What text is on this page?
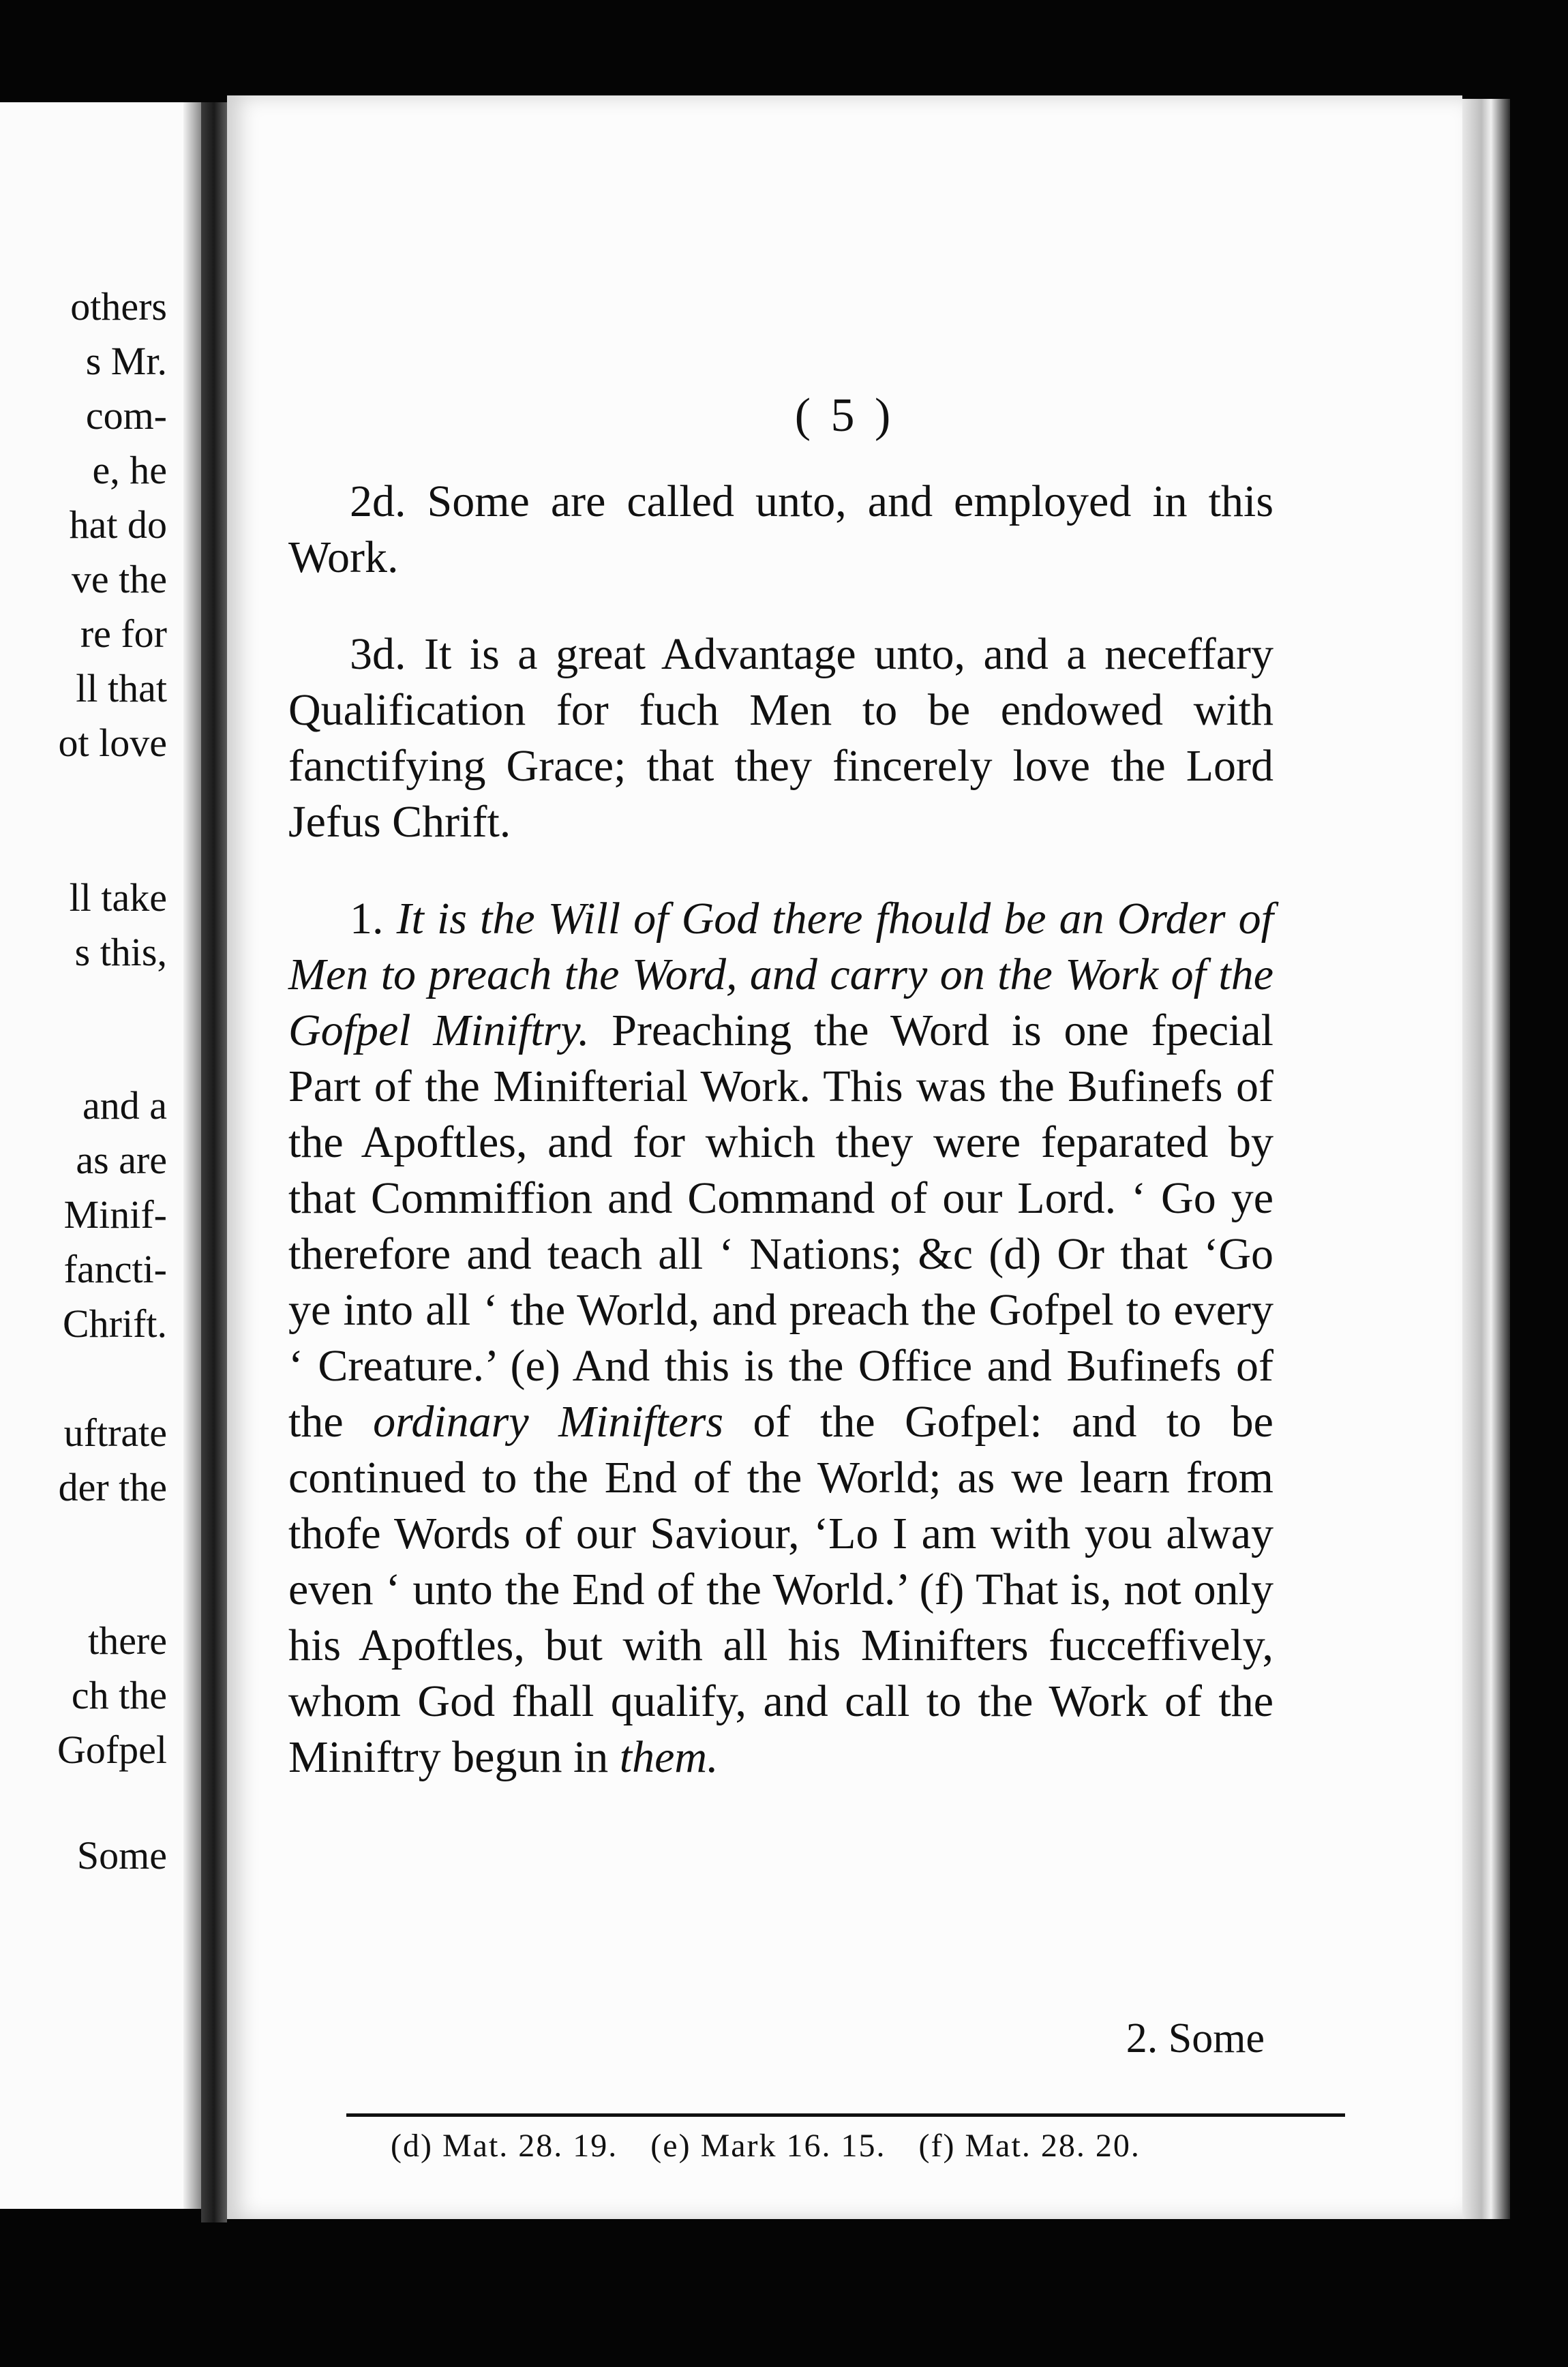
others
s Mr.
com-
e, he
hat do
ve the
re for
ll that
ot love
ll take
s this,
and a
as are
Minif-
fancti-
Chrift.
uftrate
der the
there
ch the
Gofpel
Some
( 5 )

2d. Some are called unto, and employed in this Work.

3d. It is a great Advantage unto, and a neceffary Qualification for fuch Men to be endowed with fanctifying Grace; that they fincerely love the Lord Jefus Chrift.

1. It is the Will of God there fhould be an Order of Men to preach the Word, and carry on the Work of the Gofpel Miniftry. Preaching the Word is one fpecial Part of the Minifterial Work. This was the Bufinefs of the Apoftles, and for which they were feparated by that Commiffion and Command of our Lord. ‘ Go ye therefore and teach all ‘ Nations; &c (d) Or that ‘Go ye into all ‘ the World, and preach the Gofpel to every ‘ Creature.’ (e) And this is the Office and Bufinefs of the ordinary Minifters of the Gofpel: and to be continued to the End of the World; as we learn from thofe Words of our Saviour, ‘Lo I am with you alway even ‘ unto the End of the World.’ (f) That is, not only his Apoftles, but with all his Minifters fucceffively, whom God fhall qualify, and call to the Work of the Miniftry begun in them.

2. Some
(d) Mat. 28. 19. (e) Mark 16. 15. (f) Mat. 28. 20.
